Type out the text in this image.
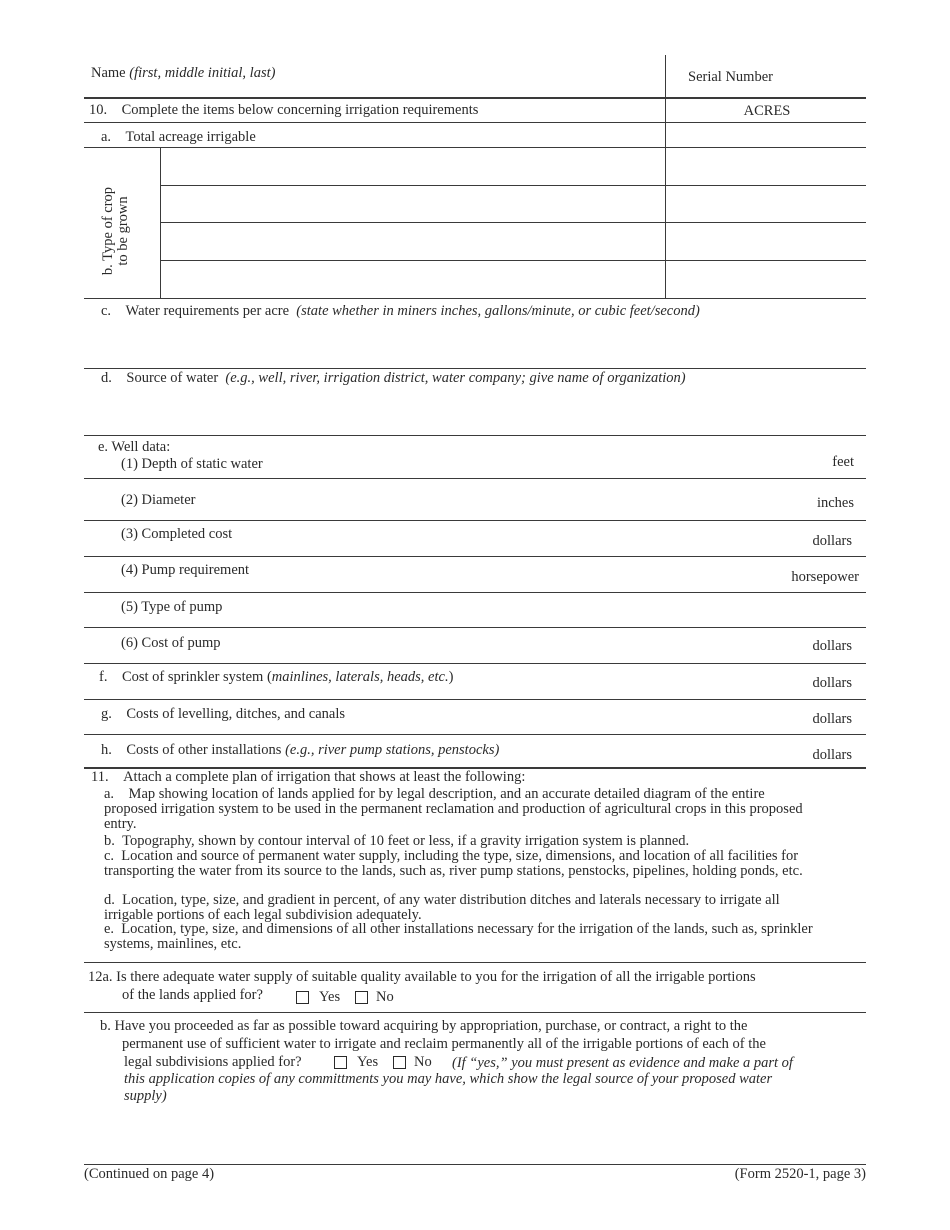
Name (first, middle initial, last)	Serial Number
10. Complete the items below concerning irrigation requirements	ACRES
a. Total acreage irrigable
b. Type of crop to be grown
c. Water requirements per acre (state whether in miners inches, gallons/minute, or cubic feet/second)
d. Source of water (e.g., well, river, irrigation district, water company; give name of organization)
e. Well data:
(1) Depth of static water	feet
(2) Diameter	inches
(3) Completed cost	dollars
(4) Pump requirement	horsepower
(5) Type of pump
(6) Cost of pump	dollars
f. Cost of sprinkler system (mainlines, laterals, heads, etc.)	dollars
g. Costs of levelling, ditches, and canals	dollars
h. Costs of other installations (e.g., river pump stations, penstocks)	dollars
11. Attach a complete plan of irrigation that shows at least the following:
a. Map showing location of lands applied for by legal description, and an accurate detailed diagram of the entire proposed irrigation system to be used in the permanent reclamation and production of agricultural crops in this proposed entry.
b. Topography, shown by contour interval of 10 feet or less, if a gravity irrigation system is planned.
c. Location and source of permanent water supply, including the type, size, dimensions, and location of all facilities for transporting the water from its source to the lands, such as, river pump stations, penstocks, pipelines, holding ponds, etc.
d. Location, type, size, and gradient in percent, of any water distribution ditches and laterals necessary to irrigate all irrigable portions of each legal subdivision adequately.
e. Location, type, size, and dimensions of all other installations necessary for the irrigation of the lands, such as, sprinkler systems, mainlines, etc.
12a. Is there adequate water supply of suitable quality available to you for the irrigation of all the irrigable portions
of the lands applied for?	Yes No
b. Have you proceeded as far as possible toward acquiring by appropriation, purchase, or contract, a right to the
permanent use of sufficient water to irrigate and reclaim permanently all of the irrigable portions of each of the
legal subdivisions applied for?	Yes No (If “yes,” you must present as evidence and make a part of
this application copies of any committments you may have, which show the legal source of your proposed water
supply)
(Continued on page 4)	(Form 2520-1, page 3)
